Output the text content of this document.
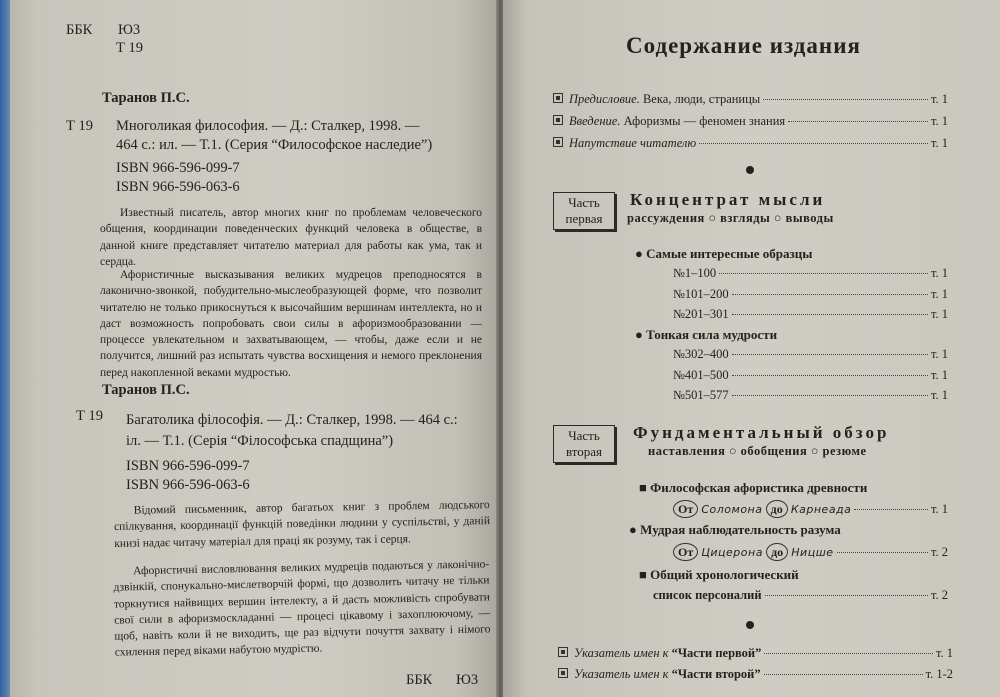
ББК Ю3
Т 19
Таранов П.С.
Т 19 Многоликая философия. — Д.: Сталкер, 1998. —
464 с.: ил. — Т.1. (Серия “Философское наследие”)
ISBN 966-596-099-7
ISBN 966-596-063-6
Известный писатель, автор многих книг по проблемам человеческого общения, координации поведенческих функций человека в обществе, в данной книге представляет читателю материал для работы как ума, так и сердца.
Афористичные высказывания великих мудрецов преподносятся в лаконично-звонкой, побудительно-мыслеобразующей форме, что позволит читателю не только прикоснуться к высочайшим вершинам интеллекта, но и даст возможность попробовать свои силы в афоризмообразовании — процессе увлекательном и захватывающем, — чтобы, даже если и не получится, лишний раз испытать чувства восхищения и немого преклонения перед накопленной веками мудростью.
Таранов П.С.
Т 19 Багатолика філософія. — Д.: Сталкер, 1998. — 464 с.:
іл. — Т.1. (Серія “Філософська спадщина”)
ISBN 966-596-099-7
ISBN 966-596-063-6
Відомий письменник, автор багатьох книг з проблем людського спілкування, координації функцій поведінки людини у суспільстві, у даній книзі надає читачу матеріал для праці як розуму, так і серця.
Афористичні висловлювання великих мудреців подаються у лаконічно-дзвінкій, спонукально-мислетворчій формі, що дозволить читачу не тільки торкнутися найвищих вершин інтелекту, а й дасть можливість спробувати свої сили в афоризмоскладанні — процесі цікавому і захоплюючому, — щоб, навіть коли й не виходить, ще раз відчути почуття захвату і німого схилення перед віками набутою мудрістю.
ББК Ю3
Содержание издания
Предисловие. Века, люди, страницы	т. 1
Введение. Афоризмы — феномен знания	т. 1
Напутствие читателю	т. 1
Часть
первая
Концентрат мысли
рассуждения ○ взгляды ○ выводы
● Самые интересные образцы
№1–100	т. 1
№101–200	т. 1
№201–301	т. 1
● Тонкая сила мудрости
№302–400	т. 1
№401–500	т. 1
№501–577	т. 1
Часть
вторая
Фундаментальный обзор
наставления ○ обобщения ○ резюме
■ Философская афористика древности
От Соломона до Карнеада	т. 1
● Мудрая наблюдательность разума
От Цицерона до Ницше	т. 2
■ Общий хронологический
список персоналий	т. 2
Указатель имен к “Части первой”	т. 1
Указатель имен к “Части второй”	т. 1-2
